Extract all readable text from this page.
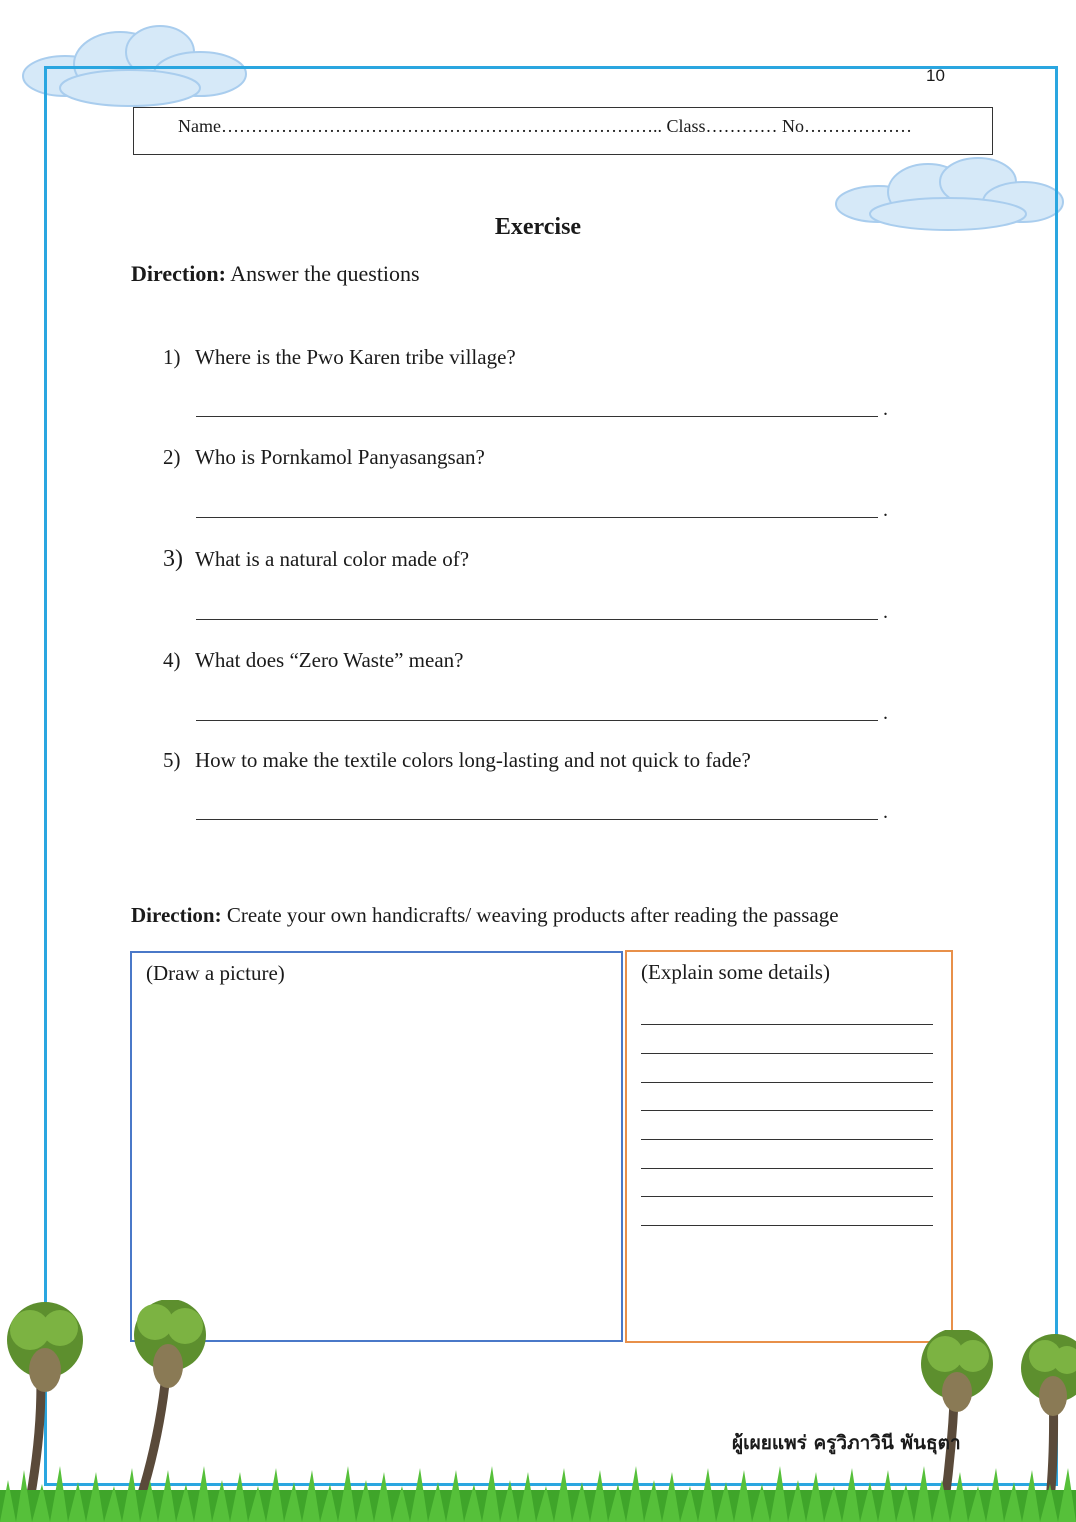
10
Name……………………………………………………………….. Class………… No………………
Exercise
Direction: Answer the questions
1) Where is the Pwo Karen tribe village?
.
2) Who is Pornkamol Panyasangsan?
.
3) What is a natural color made of?
.
4) What does “Zero Waste” mean?
.
5) How to make the textile colors long-lasting and not quick to fade?
.
Direction: Create your own handicrafts/ weaving products after reading the passage
(Draw a picture)	(Explain some details)
ผู้เผยแพร่ ครูวิภาวินี พันธุตา
